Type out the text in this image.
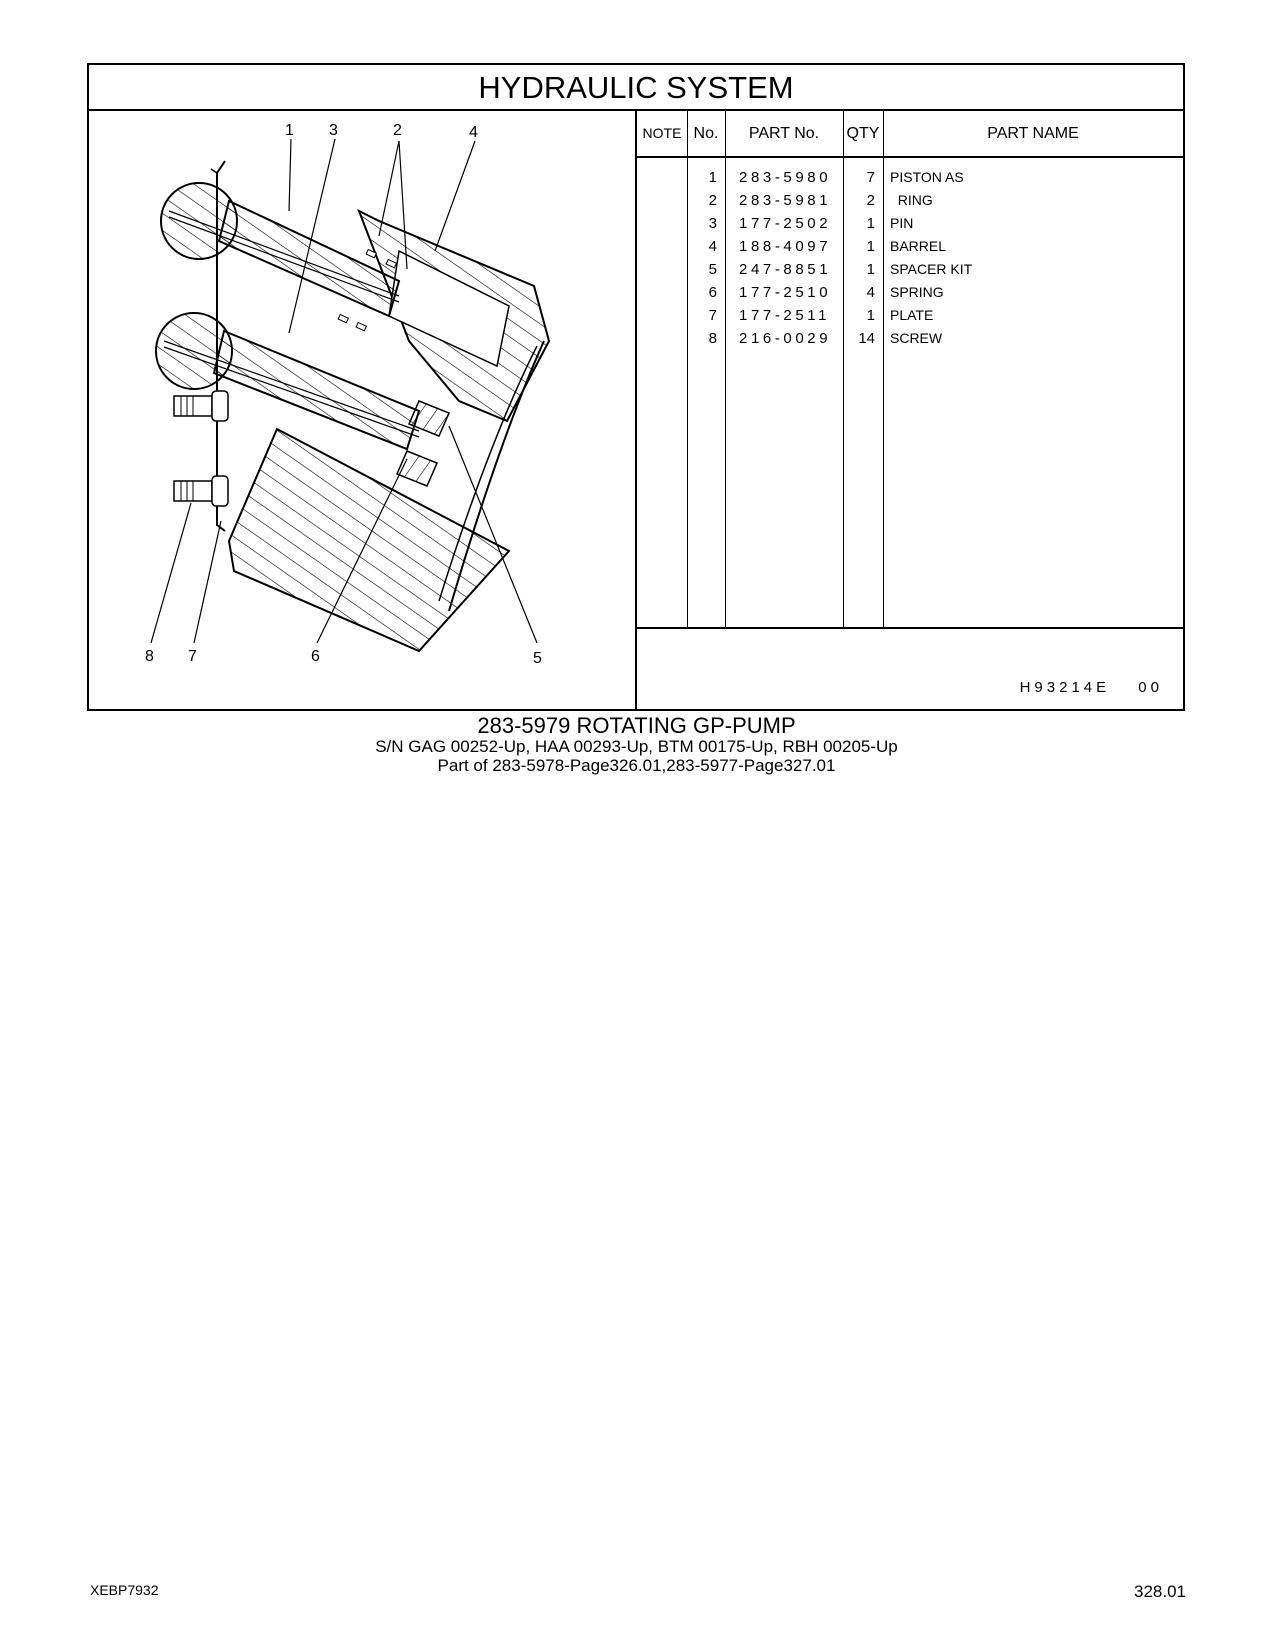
HYDRAULIC SYSTEM
1 3	2	4
8 7	6	5
NOTE No.	PART No.	QTY	PART NAME
1 283-5980	7 PISTON AS
2 283-5981	2 RING
3 177-2502	1 PIN
4 188-4097	1 BARREL
5 247-8851	1 SPACER KIT
6 177-2510	4 SPRING
7 177-2511	1 PLATE
8 216-0029	14 SCREW
H93214E 00
283-5979 ROTATING GP-PUMP
S/N GAG 00252-Up, HAA 00293-Up, BTM 00175-Up, RBH 00205-Up
Part of 283-5978-Page326.01,283-5977-Page327.01
XEBP7932	328.01
